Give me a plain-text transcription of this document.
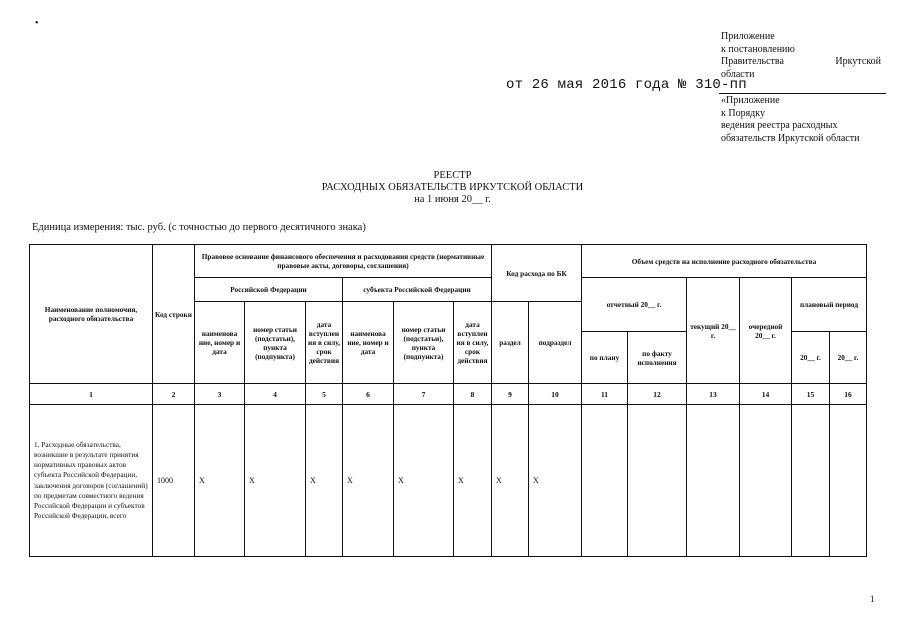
•
Приложение
к постановлению
Правительства	Иркутской
области
от 26 мая 2016 года № 310-пп
«Приложение
к Порядку
ведения реестра расходных
обязательств Иркутской области
РЕЕСТР
РАСХОДНЫХ ОБЯЗАТЕЛЬСТВ ИРКУТСКОЙ ОБЛАСТИ
на 1 июня 20__ г.
Единица измерения: тыс. руб. (с точностью до первого десятичного знака)
Наименование полномочия, расходного обязательства	Код строки	Правовое основание финансового обеспечения и расходования средств (нормативные правовые акты, договоры, соглашения)						Код расхода по БК		Объем средств на исполнение расходного обязательства					
		Российской Федерации			субъекта Российской Федерации					отчетный 20__ г.		текущий 20__ г.	очередной 20__ г.	плановый период	
		наименова ние, номер и дата	номер статьи (подстатьи), пункта (подпункта)	дата вступлен ия в силу, срок действия	наименова ние, номер и дата	номер статьи (подстатьи), пункта (подпункта)	дата вступлен ия в силу, срок действия	раздел	подраздел						
										по плану	по факту исполнения			20__ г.	20__ г.
1	2	3	4	5	6	7	8	9	10	11	12	13	14	15	16
1. Расходные обязательства, возникшие в результате принятия нормативных правовых актов субъекта Российской Федерации, заключения договоров (соглашений) по предметам совместного ведения Российской Федерации и субъектов Российской Федерации, всего	1000	X	X	X	X	X	X	X	X						
1
